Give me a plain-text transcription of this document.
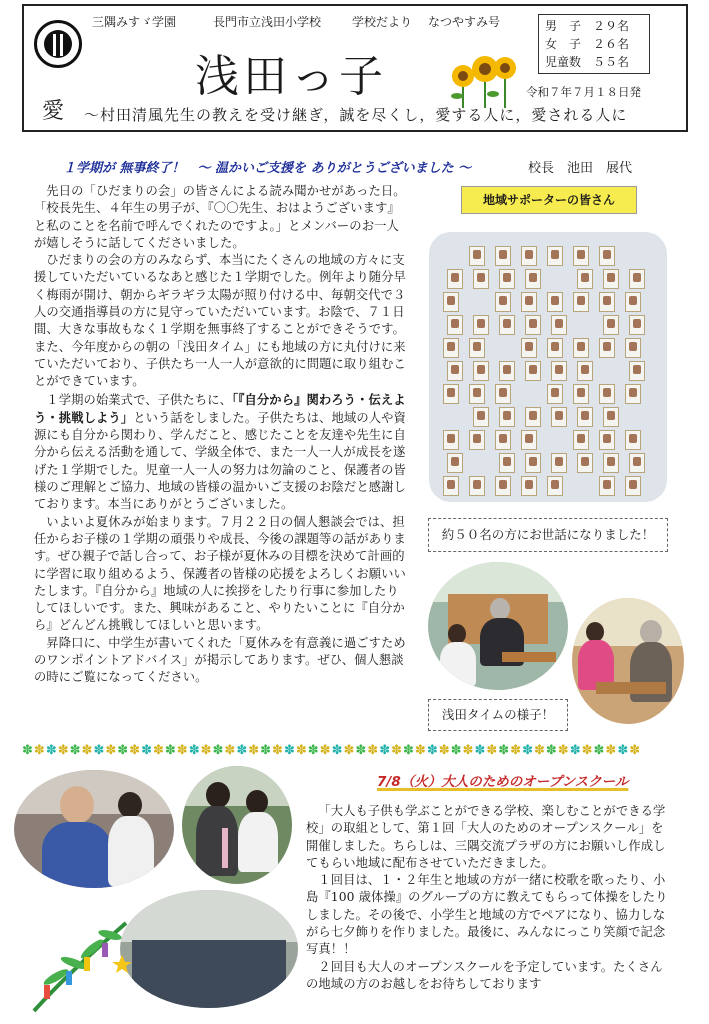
三隅みすゞ学園	長門市立浅田小学校	学校だより なつやすみ号
浅田っ子
男　子　２９名
女　子　２６名
児童数　５５名
令和７年７月１８日発
愛 ～村田清風先生の教えを受け継ぎ，誠を尽くし，愛する人に，愛される人に
１学期が 無事終了！　～ 温かいご支援を ありがとうございました ～	校長　池田　展代

先日の「ひだまりの会」の皆さんによる読み聞かせがあった日。「校長先生、４年生の男子が、『〇〇先生、おはようございます』と私のことを名前で呼んでくれたのですよ。」とメンバーのお一人が嬉しそうに話してくださいました。

ひだまりの会の方のみならず、本当にたくさんの地域の方々に支援していただいているなあと感じた１学期でした。例年より随分早く梅雨が開け、朝からギラギラ太陽が照り付ける中、毎朝交代で３人の交通指導員の方に見守っていただいています。お陰で、７１日間、大きな事故もなく１学期を無事終了することができそうです。また、今年度からの朝の「浅田タイム」にも地域の方に丸付けに来ていただいており、子供たち一人一人が意欲的に問題に取り組むことができています。

１学期の始業式で、子供たちに、「『自分から』関わろう・伝えよう・挑戦しよう」という話をしました。子供たちは、地域の人や資源にも自分から関わり、学んだこと、感じたことを友達や先生に自分から伝える活動を通して、学級全体で、また一人一人が成長を遂げた１学期でした。児童一人一人の努力は勿論のこと、保護者の皆様のご理解とご協力、地域の皆様の温かいご支援のお陰だと感謝しております。本当にありがとうございました。

いよいよ夏休みが始まります。７月２２日の個人懇談会では、担任からお子様の１学期の頑張りや成長、今後の課題等の話があります。ぜひ親子で話し合って、お子様が夏休みの目標を決めて計画的に学習に取り組めるよう、保護者の皆様の応援をよろしくお願いいたします。『自分から』地域の人に挨拶をしたり行事に参加したりしてほしいです。また、興味があること、やりたいことに『自分から』どんどん挑戦してほしいと思います。

昇降口に、中学生が書いてくれた「夏休みを有意義に過ごすためのワンポイントアドバイス」が掲示してあります。ぜひ、個人懇談の時にご覧になってください。

地域サポーターの皆さん
約５０名の方にお世話になりました！
浅田タイムの様子！
✽✽✽✽✽✽✽✽✽✽✽✽✽✽✽✽✽✽✽✽✽✽✽✽✽✽✽✽✽✽✽✽✽✽✽✽✽✽✽✽✽✽✽✽✽✽✽✽✽✽✽✽
7/8（火）大人のためのオープンスクール

「大人も子供も学ぶことができる学校、楽しむことができる学校」の取組として、第１回「大人のためのオープンスクール」を開催しました。ちらしは、三隅交流プラザの方にお願いし作成してもらい地域に配布させていただきました。

１回目は、１・２年生と地域の方が一緒に校歌を歌ったり、小島『100 歳体操』のグループの方に教えてもらって体操をしたりしました。その後で、小学生と地域の方でペアになり、協力しながら七夕飾りを作りました。最後に、みんなにっこり笑顔で記念写真！！

２回目も大人のオープンスクールを予定しています。たくさんの地域の方のお越しをお待ちしております
